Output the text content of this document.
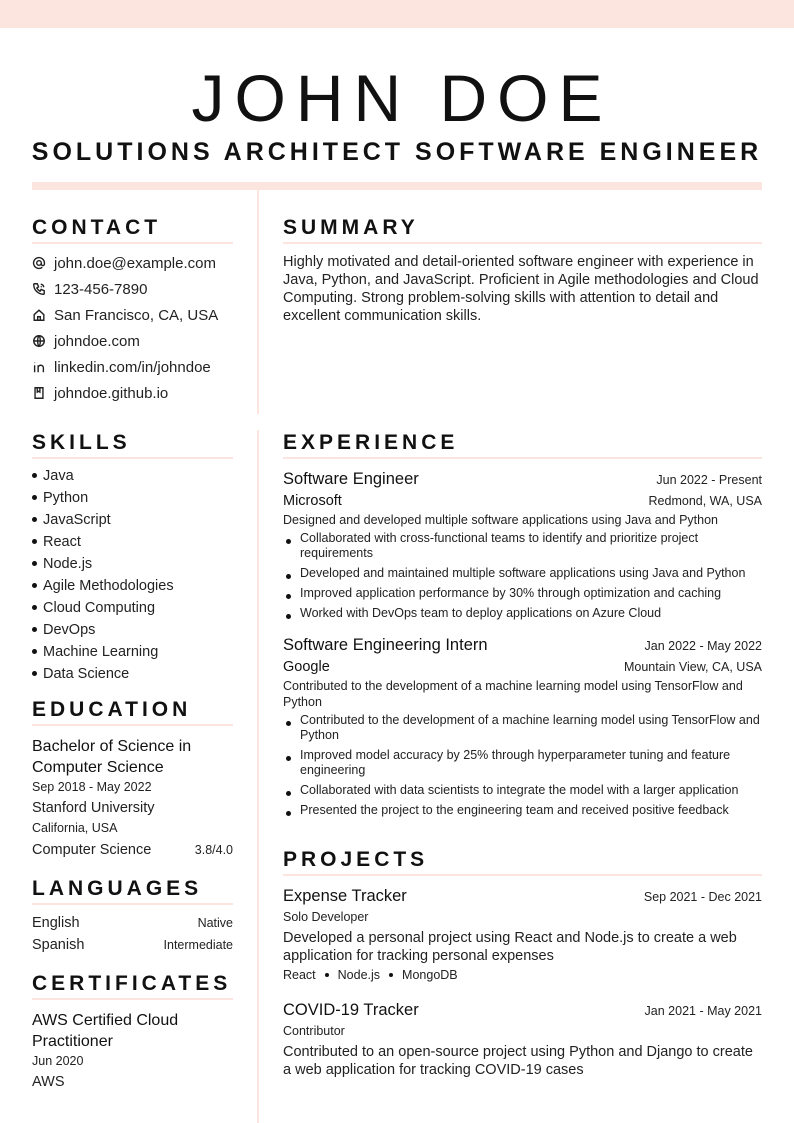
JOHN DOE
SOLUTIONS ARCHITECT SOFTWARE ENGINEER
CONTACT
john.doe@example.com
123-456-7890
San Francisco, CA, USA
johndoe.com
linkedin.com/in/johndoe
johndoe.github.io
SUMMARY
Highly motivated and detail-oriented software engineer with experience in Java, Python, and JavaScript. Proficient in Agile methodologies and Cloud Computing. Strong problem-solving skills with attention to detail and excellent communication skills.
SKILLS
Java
Python
JavaScript
React
Node.js
Agile Methodologies
Cloud Computing
DevOps
Machine Learning
Data Science
EDUCATION
Bachelor of Science in Computer Science
Sep 2018 - May 2022
Stanford University
California, USA
Computer Science	3.8/4.0
LANGUAGES
English	Native
Spanish	Intermediate
CERTIFICATES
AWS Certified Cloud Practitioner
Jun 2020
AWS
EXPERIENCE
Software Engineer	Jun 2022 - Present
Microsoft	Redmond, WA, USA
Designed and developed multiple software applications using Java and Python
Collaborated with cross-functional teams to identify and prioritize project requirements
Developed and maintained multiple software applications using Java and Python
Improved application performance by 30% through optimization and caching
Worked with DevOps team to deploy applications on Azure Cloud
Software Engineering Intern	Jan 2022 - May 2022
Google	Mountain View, CA, USA
Contributed to the development of a machine learning model using TensorFlow and Python
Contributed to the development of a machine learning model using TensorFlow and Python
Improved model accuracy by 25% through hyperparameter tuning and feature engineering
Collaborated with data scientists to integrate the model with a larger application
Presented the project to the engineering team and received positive feedback
PROJECTS
Expense Tracker	Sep 2021 - Dec 2021
Solo Developer
Developed a personal project using React and Node.js to create a web application for tracking personal expenses
React Node.js MongoDB
COVID-19 Tracker	Jan 2021 - May 2021
Contributor
Contributed to an open-source project using Python and Django to create a web application for tracking COVID-19 cases
